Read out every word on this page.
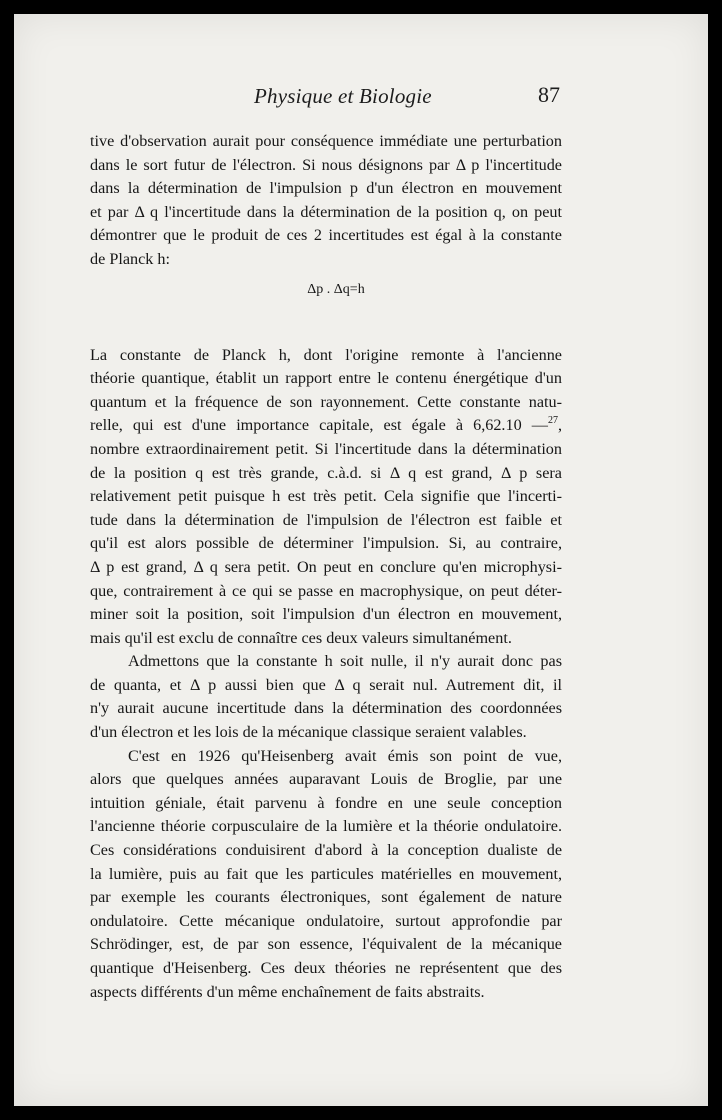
Physique et Biologie	87
tive d'observation aurait pour conséquence immédiate une perturbation
dans le sort futur de l'électron. Si nous désignons par Δ p l'incertitude
dans la détermination de l'impulsion p d'un électron en mouvement
et par Δ q l'incertitude dans la détermination de la position q, on peut
démontrer que le produit de ces 2 incertitudes est égal à la constante
de Planck h:
Δp . Δq=h
La constante de Planck h, dont l'origine remonte à l'ancienne
théorie quantique, établit un rapport entre le contenu énergétique d'un
quantum et la fréquence de son rayonnement. Cette constante natu-
relle, qui est d'une importance capitale, est égale à 6,62.10 —$^{27}$,
nombre extraordinairement petit. Si l'incertitude dans la détermination
de la position q est très grande, c.à.d. si Δ q est grand, Δ p sera
relativement petit puisque h est très petit. Cela signifie que l'incerti-
tude dans la détermination de l'impulsion de l'électron est faible et
qu'il est alors possible de déterminer l'impulsion. Si, au contraire,
Δ p est grand, Δ q sera petit. On peut en conclure qu'en microphysi-
que, contrairement à ce qui se passe en macrophysique, on peut déter-
miner soit la position, soit l'impulsion d'un électron en mouvement,
mais qu'il est exclu de connaître ces deux valeurs simultanément.
Admettons que la constante h soit nulle, il n'y aurait donc pas
de quanta, et Δ p aussi bien que Δ q serait nul. Autrement dit, il
n'y aurait aucune incertitude dans la détermination des coordonnées
d'un électron et les lois de la mécanique classique seraient valables.
C'est en 1926 qu'Heisenberg avait émis son point de vue,
alors que quelques années auparavant Louis de Broglie, par une
intuition géniale, était parvenu à fondre en une seule conception
l'ancienne théorie corpusculaire de la lumière et la théorie ondulatoire.
Ces considérations conduisirent d'abord à la conception dualiste de
la lumière, puis au fait que les particules matérielles en mouvement,
par exemple les courants électroniques, sont également de nature
ondulatoire. Cette mécanique ondulatoire, surtout approfondie par
Schrödinger, est, de par son essence, l'équivalent de la mécanique
quantique d'Heisenberg. Ces deux théories ne représentent que des
aspects différents d'un même enchaînement de faits abstraits.
